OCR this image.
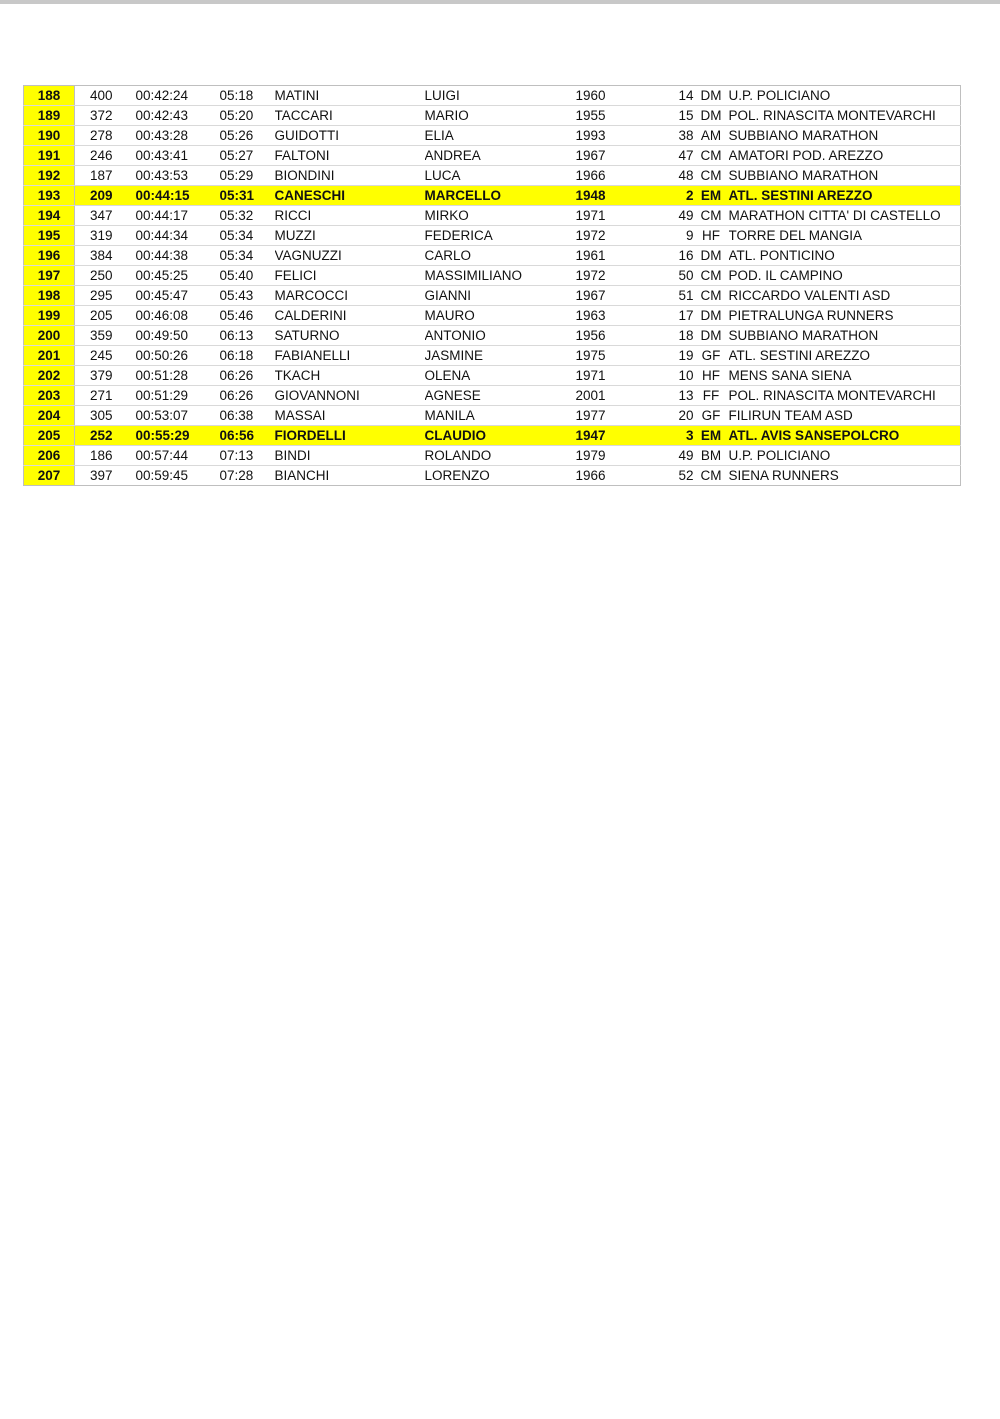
188	400	00:42:24	05:18	MATINI	LUIGI	1960	14	DM	U.P. POLICIANO
189	372	00:42:43	05:20	TACCARI	MARIO	1955	15	DM	POL. RINASCITA MONTEVARCHI
190	278	00:43:28	05:26	GUIDOTTI	ELIA	1993	38	AM	SUBBIANO MARATHON
191	246	00:43:41	05:27	FALTONI	ANDREA	1967	47	CM	AMATORI POD. AREZZO
192	187	00:43:53	05:29	BIONDINI	LUCA	1966	48	CM	SUBBIANO MARATHON
193	209	00:44:15	05:31	CANESCHI	MARCELLO	1948	2	EM	ATL. SESTINI AREZZO
194	347	00:44:17	05:32	RICCI	MIRKO	1971	49	CM	MARATHON CITTA' DI CASTELLO
195	319	00:44:34	05:34	MUZZI	FEDERICA	1972	9	HF	TORRE DEL MANGIA
196	384	00:44:38	05:34	VAGNUZZI	CARLO	1961	16	DM	ATL. PONTICINO
197	250	00:45:25	05:40	FELICI	MASSIMILIANO	1972	50	CM	POD. IL CAMPINO
198	295	00:45:47	05:43	MARCOCCI	GIANNI	1967	51	CM	RICCARDO VALENTI ASD
199	205	00:46:08	05:46	CALDERINI	MAURO	1963	17	DM	PIETRALUNGA RUNNERS
200	359	00:49:50	06:13	SATURNO	ANTONIO	1956	18	DM	SUBBIANO MARATHON
201	245	00:50:26	06:18	FABIANELLI	JASMINE	1975	19	GF	ATL. SESTINI AREZZO
202	379	00:51:28	06:26	TKACH	OLENA	1971	10	HF	MENS SANA SIENA
203	271	00:51:29	06:26	GIOVANNONI	AGNESE	2001	13	FF	POL. RINASCITA MONTEVARCHI
204	305	00:53:07	06:38	MASSAI	MANILA	1977	20	GF	FILIRUN TEAM ASD
205	252	00:55:29	06:56	FIORDELLI	CLAUDIO	1947	3	EM	ATL. AVIS SANSEPOLCRO
206	186	00:57:44	07:13	BINDI	ROLANDO	1979	49	BM	U.P. POLICIANO
207	397	00:59:45	07:28	BIANCHI	LORENZO	1966	52	CM	SIENA RUNNERS
